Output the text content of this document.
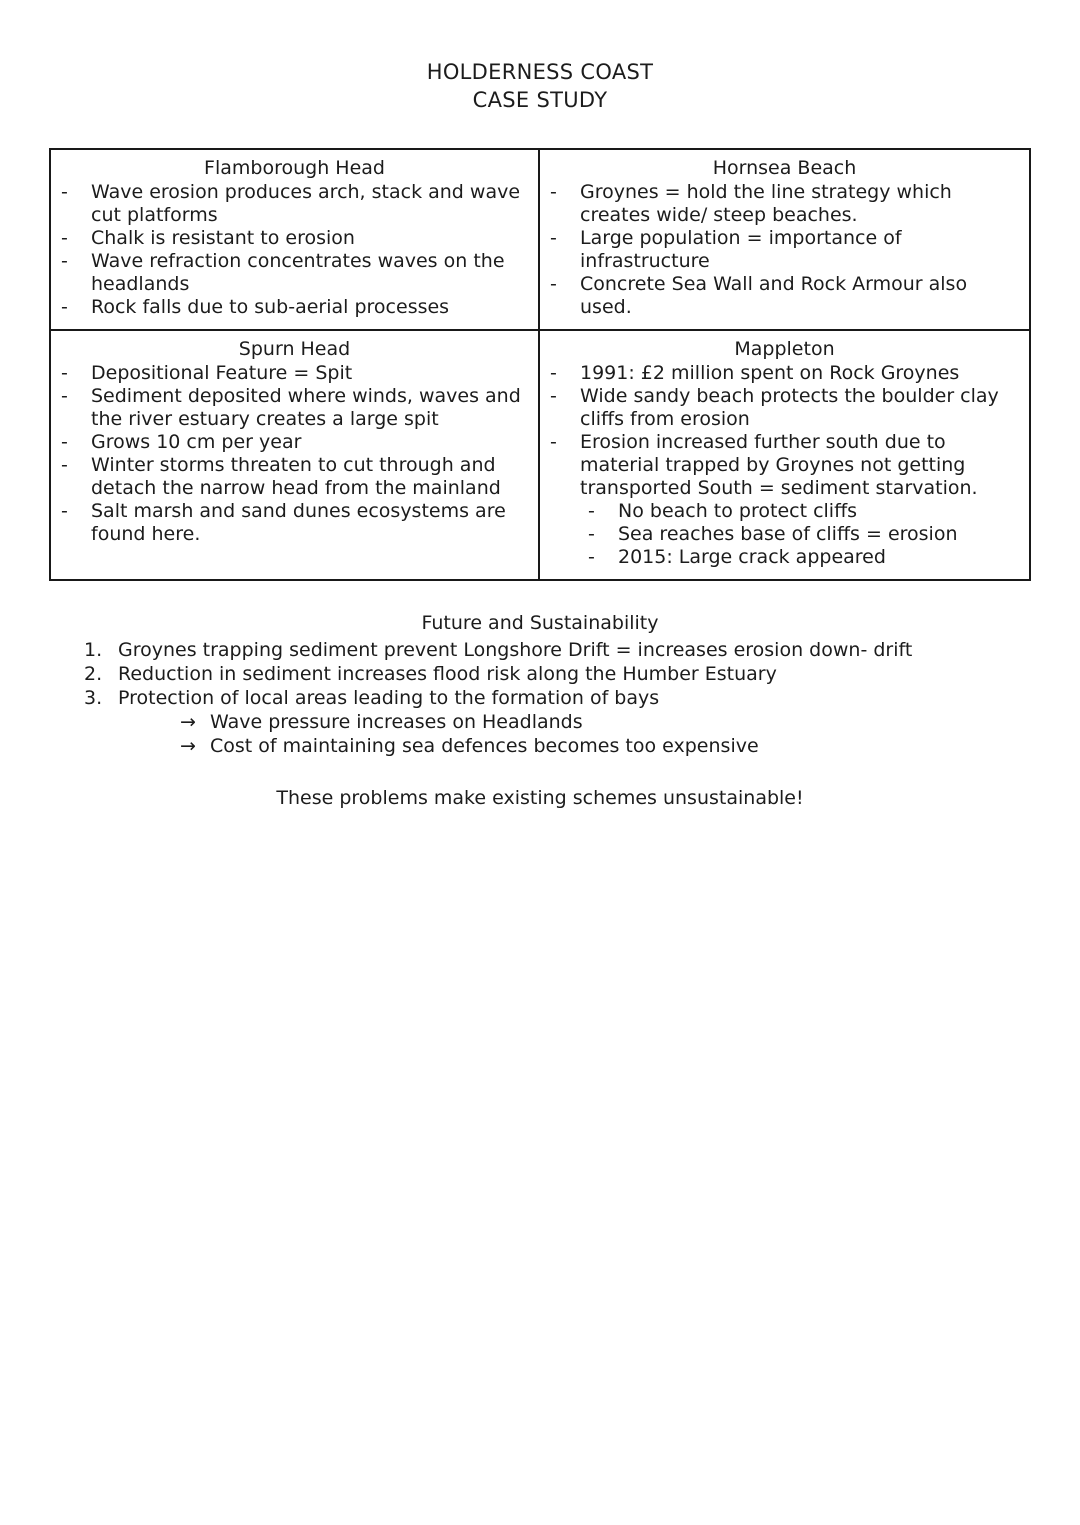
HOLDERNESS COAST
CASE STUDY
Flamborough Head
-	Wave erosion produces arch, stack and wave cut platforms
-	Chalk is resistant to erosion
-	Wave refraction concentrates waves on the headlands
-	Rock falls due to sub-aerial processes
Hornsea Beach
-	Groynes = hold the line strategy which creates wide/ steep beaches.
-	Large population = importance of infrastructure
-	Concrete Sea Wall and Rock Armour also used.
Spurn Head
-	Depositional Feature = Spit
-	Sediment deposited where winds, waves and the river estuary creates a large spit
-	Grows 10 cm per year
-	Winter storms threaten to cut through and detach the narrow head from the mainland
-	Salt marsh and sand dunes ecosystems are found here.
Mappleton
-	1991: £2 million spent on Rock Groynes
-	Wide sandy beach protects the boulder clay cliffs from erosion
-	Erosion increased further south due to material trapped by Groynes not getting transported South = sediment starvation.
-	No beach to protect cliffs
-	Sea reaches base of cliffs = erosion
-	2015: Large crack appeared
Future and Sustainability
1. Groynes trapping sediment prevent Longshore Drift = increases erosion down- drift
2. Reduction in sediment increases flood risk along the Humber Estuary
3. Protection of local areas leading to the formation of bays
→ Wave pressure increases on Headlands
→ Cost of maintaining sea defences becomes too expensive
These problems make existing schemes unsustainable!
